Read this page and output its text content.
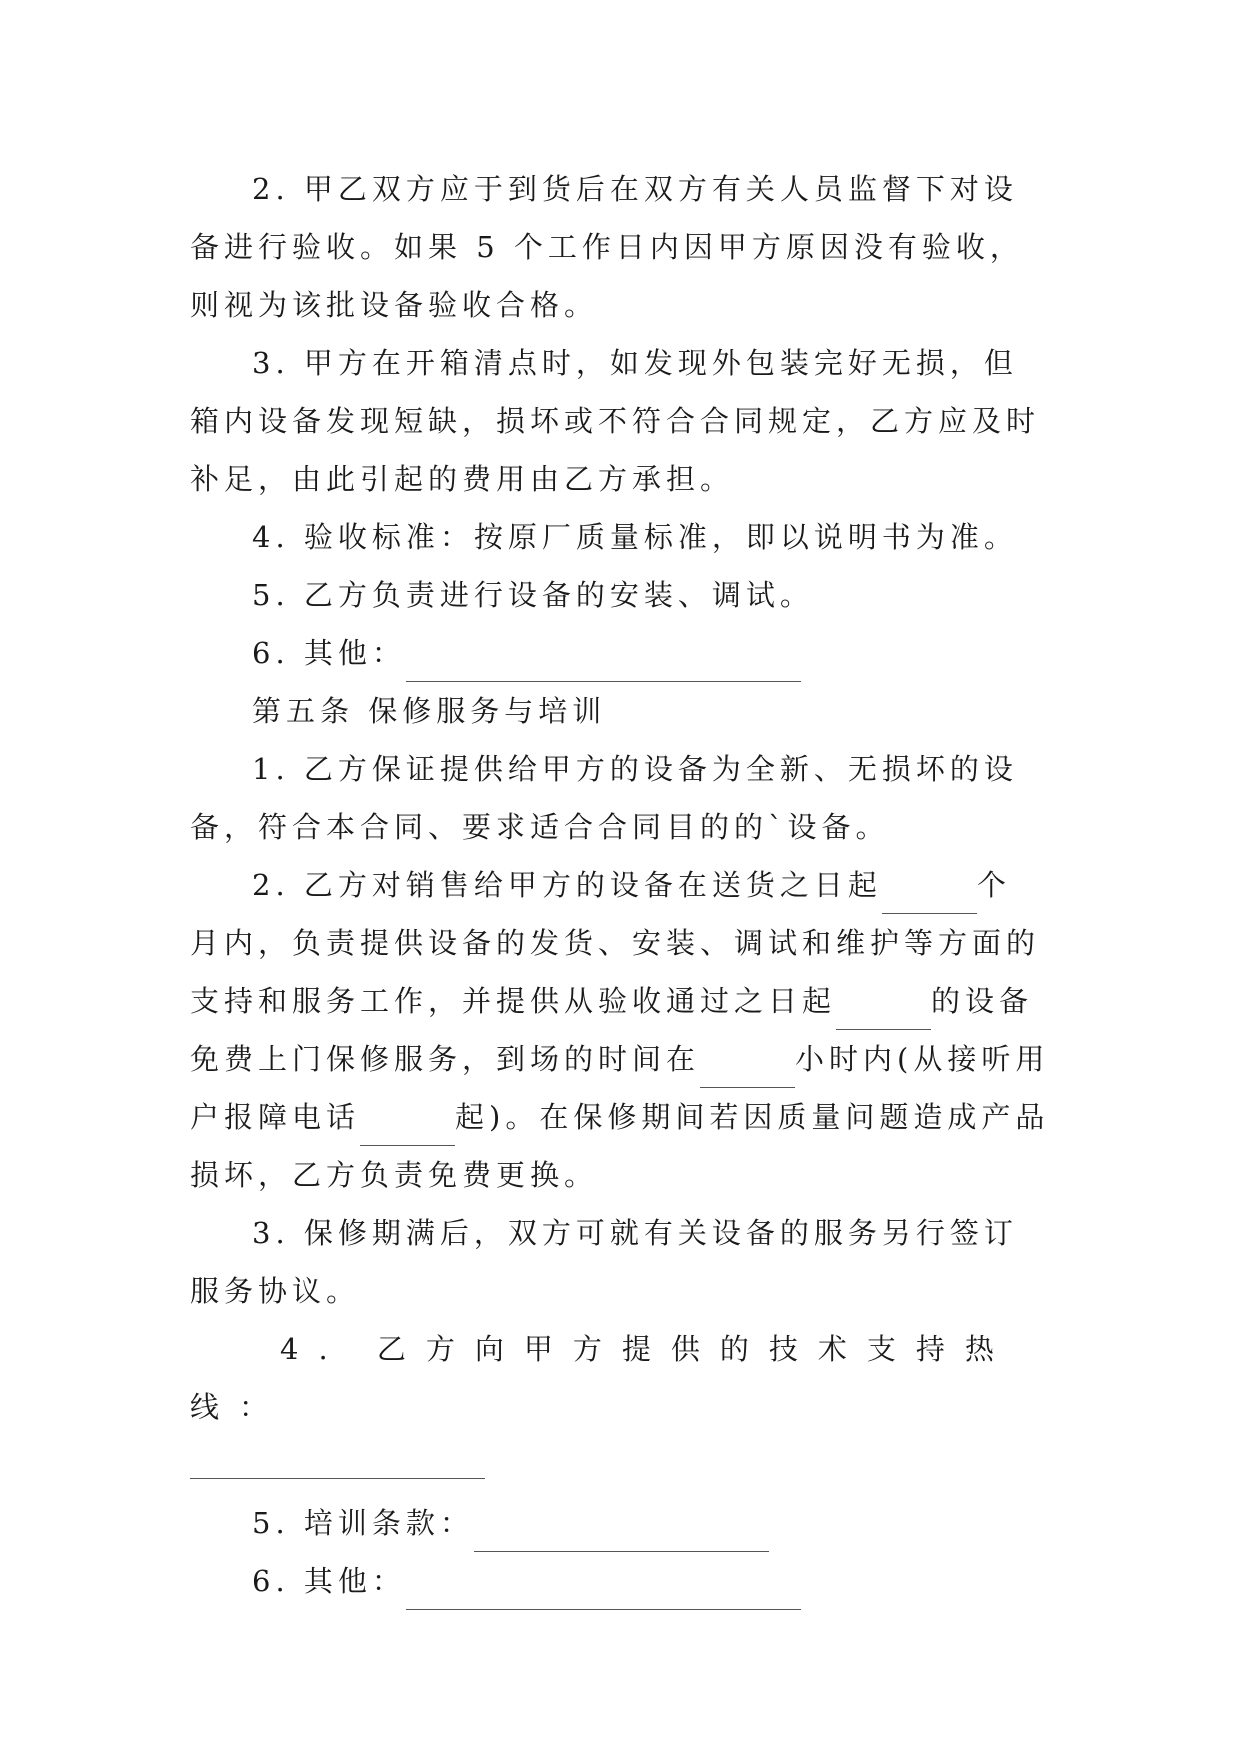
2. 甲乙双方应于到货后在双方有关人员监督下对设备进行验收。如果 5 个工作日内因甲方原因没有验收，则视为该批设备验收合格。

3. 甲方在开箱清点时，如发现外包装完好无损，但箱内设备发现短缺，损坏或不符合合同规定，乙方应及时补足，由此引起的费用由乙方承担。

4. 验收标准：按原厂质量标准，即以说明书为准。

5. 乙方负责进行设备的安装、调试。

6. 其他：

第五条 保修服务与培训

1. 乙方保证提供给甲方的设备为全新、无损坏的设备，符合本合同、要求适合合同目的的`设备。

2. 乙方对销售给甲方的设备在送货之日起	个 月内，负责提供设备的发货、安装、调试和维护等方面的支持和服务工作，并提供从验收通过之日起	的设备免费上门保修服务，到场的时间在	小时内(从接听用户报障电话	起)。在保修期间若因质量问题造成产品损坏，乙方负责免费更换。

3. 保修期满后，双方可就有关设备的服务另行签订服务协议。

4. 乙方向甲方提供的技术支持热线：

5. 培训条款：

6. 其他：
